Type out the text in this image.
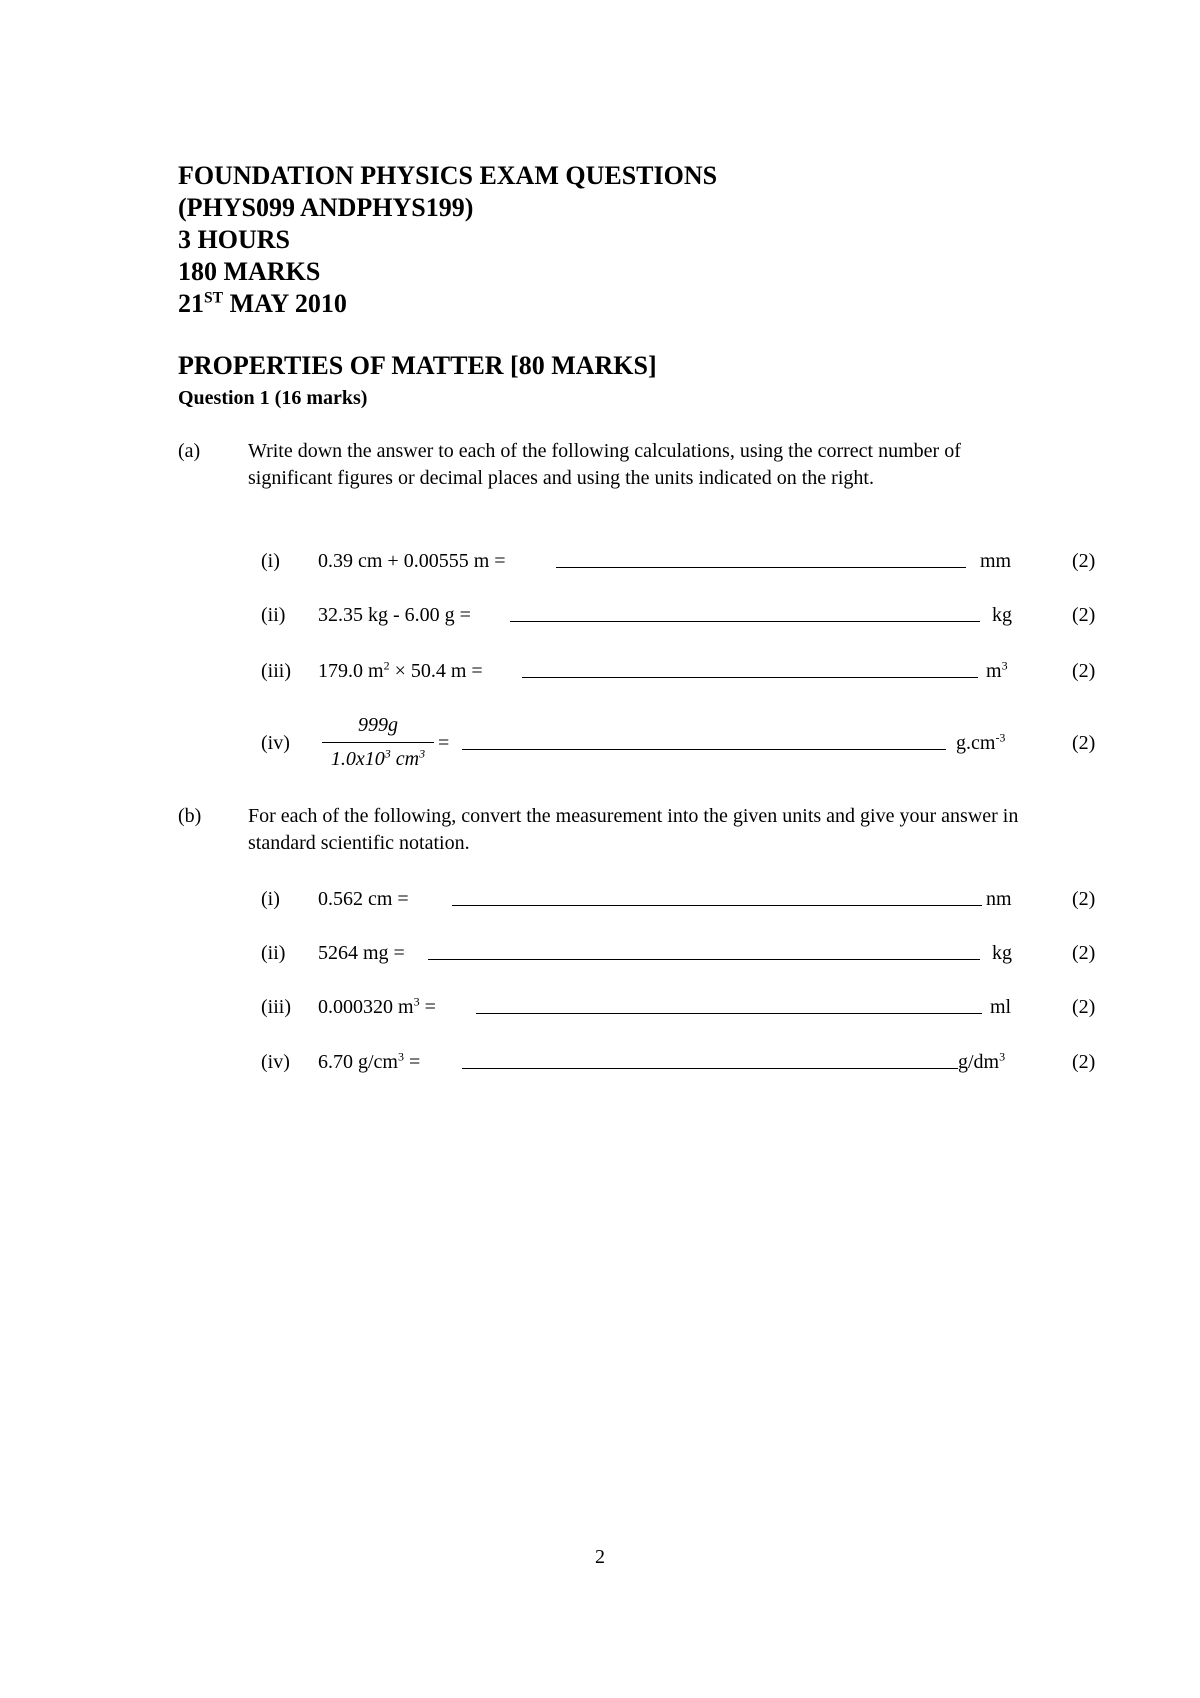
FOUNDATION PHYSICS EXAM QUESTIONS
(PHYS099 ANDPHYS199)
3 HOURS
180 MARKS
21ST MAY 2010
PROPERTIES OF MATTER [80 MARKS]
Question 1 (16 marks)
(a) Write down the answer to each of the following calculations, using the correct number of significant figures or decimal places and using the units indicated on the right.
(i) 0.39 cm + 0.00555 m =	mm	(2)
(ii) 32.35 kg - 6.00 g =	kg	(2)
(iii) 179.0 $m^2 \times 50.4$ m =	$m^3$	(2)
(iv)
999g
$1.0x10^3$ $cm^3$ =	$g.cm^{-3}$	(2)
(b) For each of the following, convert the measurement into the given units and give your answer in standard scientific notation.
(i) 0.562 cm =	nm	(2)
(ii) 5264 mg =	kg	(2)
(iii) 0.000320 $m^3$ =	ml	(2)
(iv) 6.70 $g/cm^3$ =	$g/dm^3$	(2)
2
